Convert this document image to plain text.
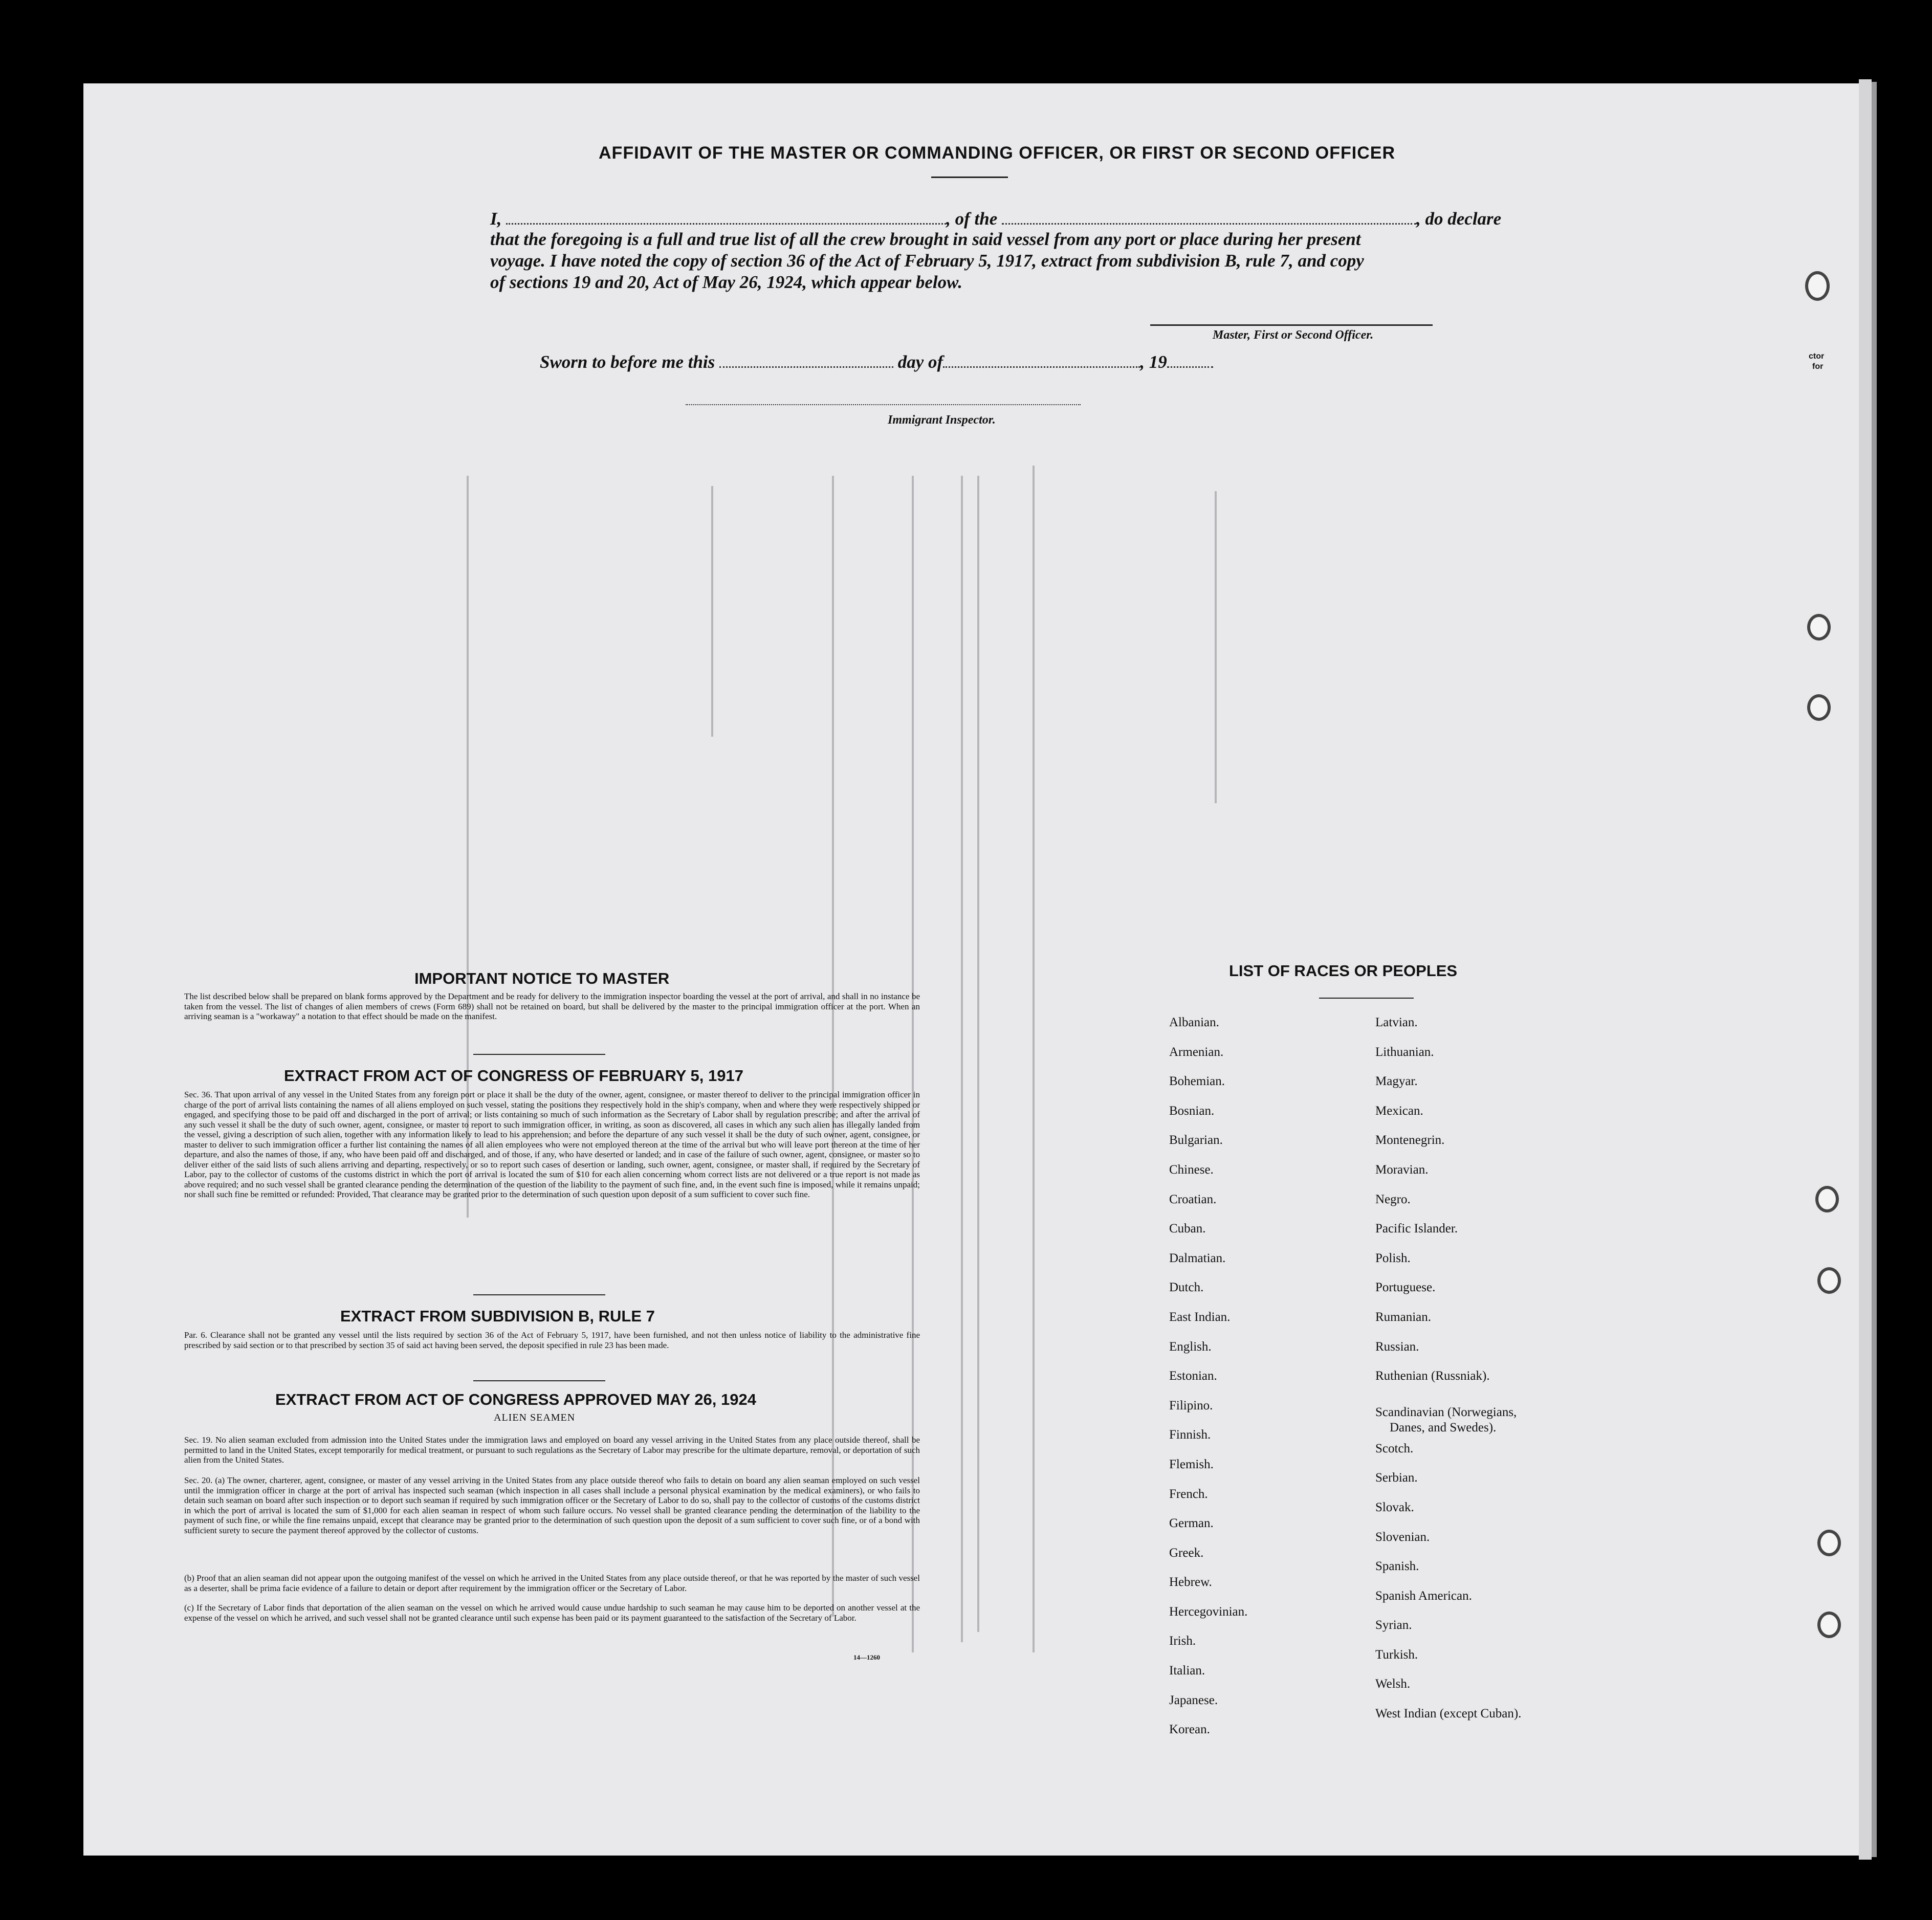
ctor
for
AFFIDAVIT OF THE MASTER OR COMMANDING OFFICER, OR FIRST OR SECOND OFFICER
I,	, of the	, do declare
that the foregoing is a full and true list of all the crew brought in said vessel from any port or place during her present
voyage. I have noted the copy of section 36 of the Act of February 5, 1917, extract from subdivision B, rule 7, and copy
of sections 19 and 20, Act of May 26, 1924, which appear below.
Master, First or Second Officer.
Sworn to before me this	day of	, 19
Immigrant Inspector.
IMPORTANT NOTICE TO MASTER
The list described below shall be prepared on blank forms approved by the Department and be ready for delivery to the immigration inspector boarding the vessel at the port of arrival, and shall in no instance be taken from the vessel. The list of changes of alien members of crews (Form 689) shall not be retained on board, but shall be delivered by the master to the principal immigration officer at the port. When an arriving seaman is a "workaway" a notation to that effect should be made on the manifest.
EXTRACT FROM ACT OF CONGRESS OF FEBRUARY 5, 1917
Sec. 36. That upon arrival of any vessel in the United States from any foreign port or place it shall be the duty of the owner, agent, consignee, or master thereof to deliver to the principal immigration officer in charge of the port of arrival lists containing the names of all aliens employed on such vessel, stating the positions they respectively hold in the ship's company, when and where they were respectively shipped or engaged, and specifying those to be paid off and discharged in the port of arrival; or lists containing so much of such information as the Secretary of Labor shall by regulation prescribe; and after the arrival of any such vessel it shall be the duty of such owner, agent, consignee, or master to report to such immigration officer, in writing, as soon as discovered, all cases in which any such alien has illegally landed from the vessel, giving a description of such alien, together with any information likely to lead to his apprehension; and before the departure of any such vessel it shall be the duty of such owner, agent, consignee, or master to deliver to such immigration officer a further list containing the names of all alien employees who were not employed thereon at the time of the arrival but who will leave port thereon at the time of her departure, and also the names of those, if any, who have been paid off and discharged, and of those, if any, who have deserted or landed; and in case of the failure of such owner, agent, consignee, or master so to deliver either of the said lists of such aliens arriving and departing, respectively, or so to report such cases of desertion or landing, such owner, agent, consignee, or master shall, if required by the Secretary of Labor, pay to the collector of customs of the customs district in which the port of arrival is located the sum of $10 for each alien concerning whom correct lists are not delivered or a true report is not made as above required; and no such vessel shall be granted clearance pending the determination of the question of the liability to the payment of such fine, and, in the event such fine is imposed, while it remains unpaid; nor shall such fine be remitted or refunded: Provided, That clearance may be granted prior to the determination of such question upon deposit of a sum sufficient to cover such fine.
EXTRACT FROM SUBDIVISION B, RULE 7
Par. 6. Clearance shall not be granted any vessel until the lists required by section 36 of the Act of February 5, 1917, have been furnished, and not then unless notice of liability to the administrative fine prescribed by said section or to that prescribed by section 35 of said act having been served, the deposit specified in rule 23 has been made.
EXTRACT FROM ACT OF CONGRESS APPROVED MAY 26, 1924
ALIEN SEAMEN
Sec. 19. No alien seaman excluded from admission into the United States under the immigration laws and employed on board any vessel arriving in the United States from any place outside thereof, shall be permitted to land in the United States, except temporarily for medical treatment, or pursuant to such regulations as the Secretary of Labor may prescribe for the ultimate departure, removal, or deportation of such alien from the United States.
Sec. 20. (a) The owner, charterer, agent, consignee, or master of any vessel arriving in the United States from any place outside thereof who fails to detain on board any alien seaman employed on such vessel until the immigration officer in charge at the port of arrival has inspected such seaman (which inspection in all cases shall include a personal physical examination by the medical examiners), or who fails to detain such seaman on board after such inspection or to deport such seaman if required by such immigration officer or the Secretary of Labor to do so, shall pay to the collector of customs of the customs district in which the port of arrival is located the sum of $1,000 for each alien seaman in respect of whom such failure occurs. No vessel shall be granted clearance pending the determination of the liability to the payment of such fine, or while the fine remains unpaid, except that clearance may be granted prior to the determination of such question upon the deposit of a sum sufficient to cover such fine, or of a bond with sufficient surety to secure the payment thereof approved by the collector of customs.
(b) Proof that an alien seaman did not appear upon the outgoing manifest of the vessel on which he arrived in the United States from any place outside thereof, or that he was reported by the master of such vessel as a deserter, shall be prima facie evidence of a failure to detain or deport after requirement by the immigration officer or the Secretary of Labor.
(c) If the Secretary of Labor finds that deportation of the alien seaman on the vessel on which he arrived would cause undue hardship to such seaman he may cause him to be deported on another vessel at the expense of the vessel on which he arrived, and such vessel shall not be granted clearance until such expense has been paid or its payment guaranteed to the satisfaction of the Secretary of Labor.
14—1260
LIST OF RACES OR PEOPLES
Albanian.
Armenian.
Bohemian.
Bosnian.
Bulgarian.
Chinese.
Croatian.
Cuban.
Dalmatian.
Dutch.
East Indian.
English.
Estonian.
Filipino.
Finnish.
Flemish.
French.
German.
Greek.
Hebrew.
Hercegovinian.
Irish.
Italian.
Japanese.
Korean.
Latvian.
Lithuanian.
Magyar.
Mexican.
Montenegrin.
Moravian.
Negro.
Pacific Islander.
Polish.
Portuguese.
Rumanian.
Russian.
Ruthenian (Russniak).
Scandinavian (Norwegians,
Danes, and Swedes).
Scotch.
Serbian.
Slovak.
Slovenian.
Spanish.
Spanish American.
Syrian.
Turkish.
Welsh.
West Indian (except Cuban).
